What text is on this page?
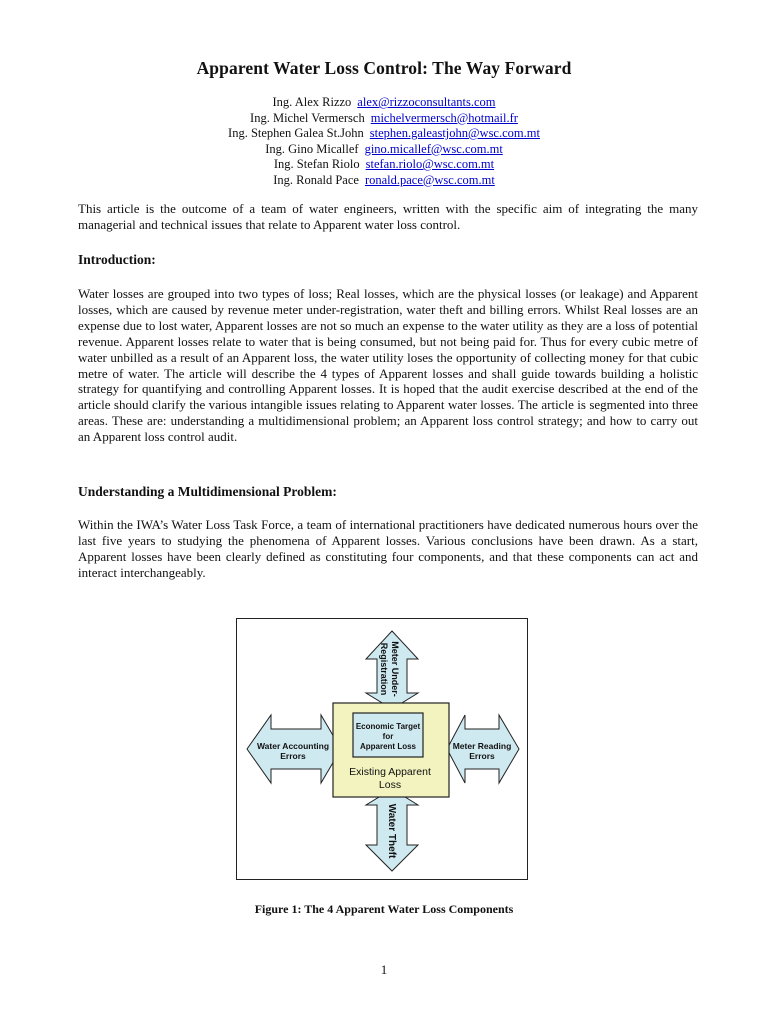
Apparent Water Loss Control: The Way Forward
Ing. Alex Rizzo alex@rizzoconsultants.com
Ing. Michel Vermersch michelvermersch@hotmail.fr
Ing. Stephen Galea St.John stephen.galeastjohn@wsc.com.mt
Ing. Gino Micallef gino.micallef@wsc.com.mt
Ing. Stefan Riolo stefan.riolo@wsc.com.mt
Ing. Ronald Pace ronald.pace@wsc.com.mt

This article is the outcome of a team of water engineers, written with the specific aim of integrating the many managerial and technical issues that relate to Apparent water loss control.

Introduction:

Water losses are grouped into two types of loss; Real losses, which are the physical losses (or leakage) and Apparent losses, which are caused by revenue meter under-registration, water theft and billing errors. Whilst Real losses are an expense due to lost water, Apparent losses are not so much an expense to the water utility as they are a loss of potential revenue. Apparent losses relate to water that is being consumed, but not being paid for. Thus for every cubic metre of water unbilled as a result of an Apparent loss, the water utility loses the opportunity of collecting money for that cubic metre of water. The article will describe the 4 types of Apparent losses and shall guide towards building a holistic strategy for quantifying and controlling Apparent losses. It is hoped that the audit exercise described at the end of the article should clarify the various intangible issues relating to Apparent water losses. The article is segmented into three areas. These are: understanding a multidimensional problem; an Apparent loss control strategy; and how to carry out an Apparent loss control audit.

Understanding a Multidimensional Problem:

Within the IWA’s Water Loss Task Force, a team of international practitioners have dedicated numerous hours over the last five years to studying the phenomena of Apparent losses. Various conclusions have been drawn. As a start, Apparent losses have been clearly defined as constituting four components, and that these components can act and interact interchangeably.

Meter Under-
Registration
Water Accounting
Errors
Meter Reading
Errors
Water Theft
Economic Target
for
Apparent Loss
Existing Apparent
Loss
Figure 1: The 4 Apparent Water Loss Components
1
